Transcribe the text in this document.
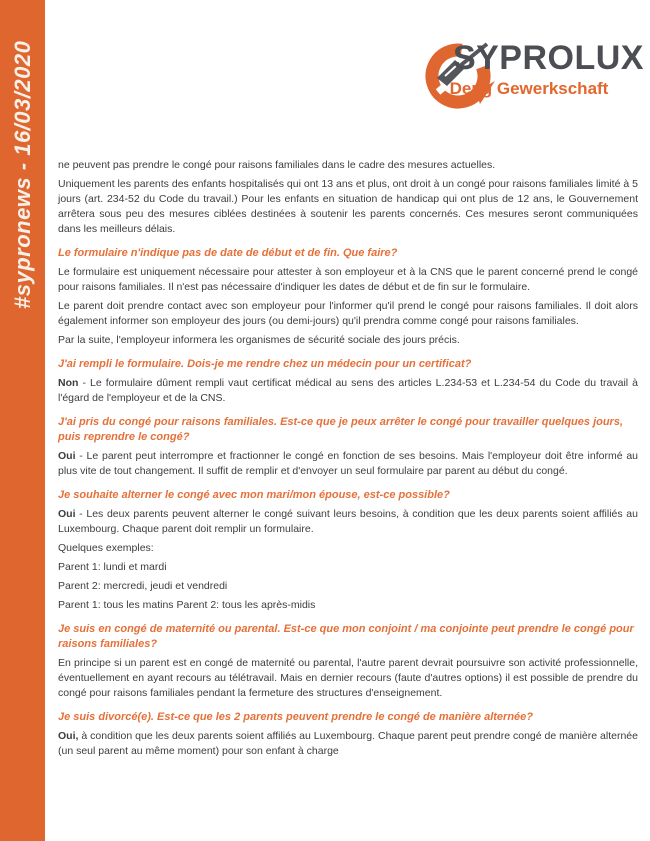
#sypronews - 16/03/2020	SYPROLUX
Deng Gewerkschaft

ne peuvent pas prendre le congé pour raisons familiales dans le cadre des mesures actuelles.

Uniquement les parents des enfants hospitalisés qui ont 13 ans et plus, ont droit à un congé pour raisons familiales limité à 5 jours (art. 234-52 du Code du travail.) Pour les enfants en situation de handicap qui ont plus de 12 ans, le Gouvernement arrêtera sous peu des mesures ciblées destinées à soutenir les parents concernés. Ces mesures seront communiquées dans les meilleurs délais.

Le formulaire n'indique pas de date de début et de fin. Que faire?

Le formulaire est uniquement nécessaire pour attester à son employeur et à la CNS que le parent concerné prend le congé pour raisons familiales. Il n'est pas nécessaire d'indiquer les dates de début et de fin sur le formulaire.

Le parent doit prendre contact avec son employeur pour l'informer qu'il prend le congé pour raisons familiales. Il doit alors également informer son employeur des jours (ou demi-jours) qu'il prendra comme congé pour raisons familiales.

Par la suite, l'employeur informera les organismes de sécurité sociale des jours précis.

J'ai rempli le formulaire. Dois-je me rendre chez un médecin pour un certificat?

Non - Le formulaire dûment rempli vaut certificat médical au sens des articles L.234-53 et L.234-54 du Code du travail à l'égard de l'employeur et de la CNS.

J'ai pris du congé pour raisons familiales. Est-ce que je peux arrêter le congé pour travailler quelques jours, puis reprendre le congé?

Oui - Le parent peut interrompre et fractionner le congé en fonction de ses besoins. Mais l'employeur doit être informé au plus vite de tout changement. Il suffit de remplir et d'envoyer un seul formulaire par parent au début du congé.

Je souhaite alterner le congé avec mon mari/mon épouse, est-ce possible?

Oui - Les deux parents peuvent alterner le congé suivant leurs besoins, à condition que les deux parents soient affiliés au Luxembourg. Chaque parent doit remplir un formulaire.

Quelques exemples:

Parent 1: lundi et mardi

Parent 2: mercredi, jeudi et vendredi

Parent 1: tous les matins Parent 2: tous les après-midis

Je suis en congé de maternité ou parental. Est-ce que mon conjoint / ma conjointe peut prendre le congé pour raisons familiales?

En principe si un parent est en congé de maternité ou parental, l'autre parent devrait poursuivre son activité professionnelle, éventuellement en ayant recours au télétravail. Mais en dernier recours (faute d'autres options) il est possible de prendre du congé pour raisons familiales pendant la fermeture des structures d'enseignement.

Je suis divorcé(e). Est-ce que les 2 parents peuvent prendre le congé de manière alternée?

Oui, à condition que les deux parents soient affiliés au Luxembourg. Chaque parent peut prendre congé de manière alternée (un seul parent au même moment) pour son enfant à charge
